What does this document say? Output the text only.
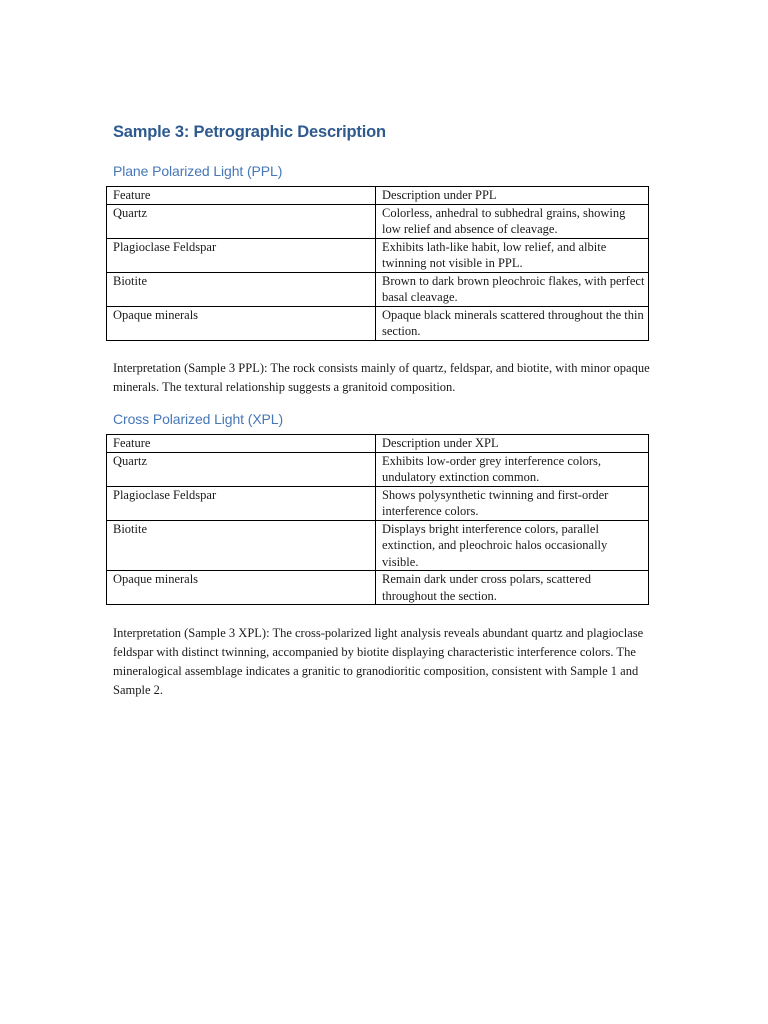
Sample 3: Petrographic Description
Plane Polarized Light (PPL)
Feature	Description under PPL
Quartz	Colorless, anhedral to subhedral grains, showing low relief and absence of cleavage.
Plagioclase Feldspar	Exhibits lath-like habit, low relief, and albite twinning not visible in PPL.
Biotite	Brown to dark brown pleochroic flakes, with perfect basal cleavage.
Opaque minerals	Opaque black minerals scattered throughout the thin section.

Interpretation (Sample 3 PPL): The rock consists mainly of quartz, feldspar, and biotite, with minor opaque minerals. The textural relationship suggests a granitoid composition.

Cross Polarized Light (XPL)
Feature	Description under XPL
Quartz	Exhibits low-order grey interference colors, undulatory extinction common.
Plagioclase Feldspar	Shows polysynthetic twinning and first-order interference colors.
Biotite	Displays bright interference colors, parallel extinction, and pleochroic halos occasionally visible.
Opaque minerals	Remain dark under cross polars, scattered throughout the section.

Interpretation (Sample 3 XPL): The cross-polarized light analysis reveals abundant quartz and plagioclase feldspar with distinct twinning, accompanied by biotite displaying characteristic interference colors. The mineralogical assemblage indicates a granitic to granodioritic composition, consistent with Sample 1 and Sample 2.
